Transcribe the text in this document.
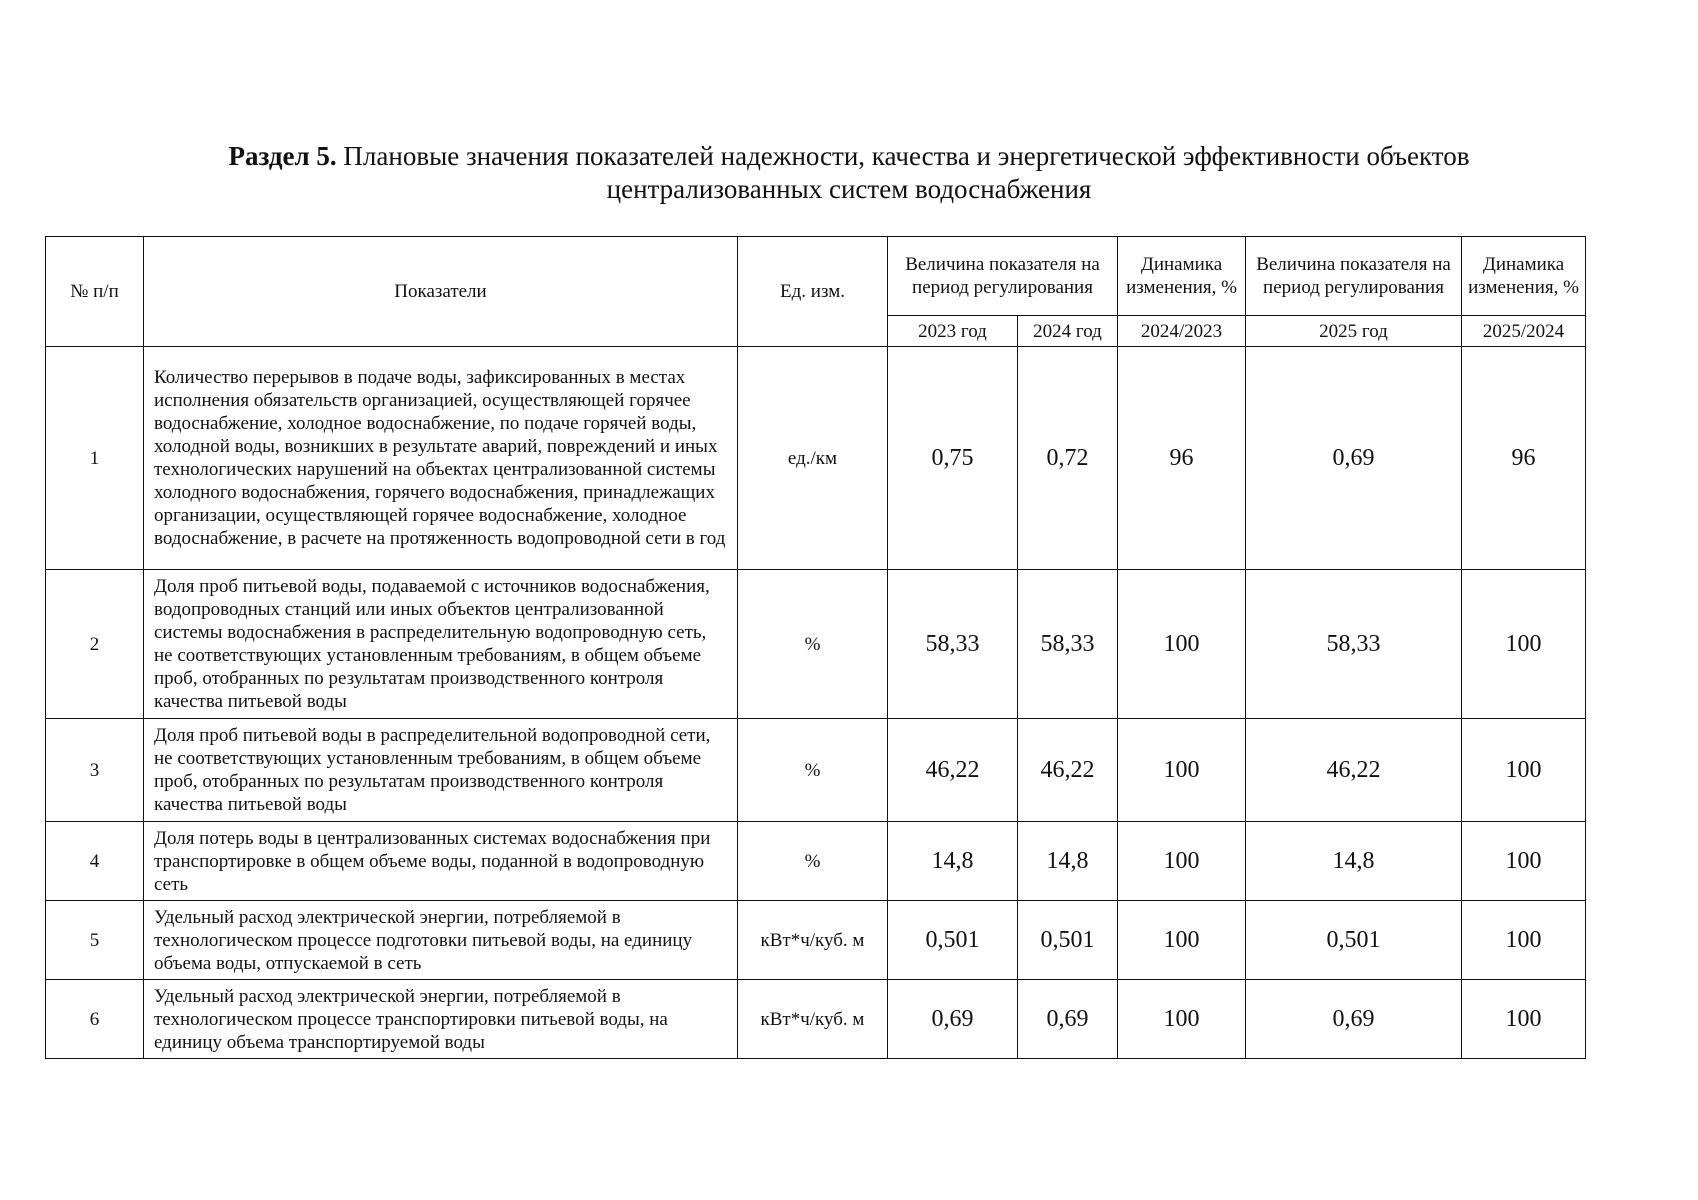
Раздел 5. Плановые значения показателей надежности, качества и энергетической эффективности объектов
централизованных систем водоснабжения
№ п/п	Показатели	Ед. изм.	Величина показателя на период регулирования		Динамика изменения, %	Величина показателя на период регулирования	Динамика изменения, %
			2023 год	2024 год	2024/2023	2025 год	2025/2024
1	Количество перерывов в подаче воды, зафиксированных в местах исполнения обязательств организацией, осуществляющей горячее водоснабжение, холодное водоснабжение, по подаче горячей воды, холодной воды, возникших в результате аварий, повреждений и иных технологических нарушений на объектах централизованной системы холодного водоснабжения, горячего водоснабжения, принадлежащих организации, осуществляющей горячее водоснабжение, холодное водоснабжение, в расчете на протяженность водопроводной сети в год	ед./км	0,75	0,72	96	0,69	96
2	Доля проб питьевой воды, подаваемой с источников водоснабжения, водопроводных станций или иных объектов централизованной системы водоснабжения в распределительную водопроводную сеть, не соответствующих установленным требованиям, в общем объеме проб, отобранных по результатам производственного контроля качества питьевой воды	%	58,33	58,33	100	58,33	100
3	Доля проб питьевой воды в распределительной водопроводной сети, не соответствующих установленным требованиям, в общем объеме проб, отобранных по результатам производственного контроля качества питьевой воды	%	46,22	46,22	100	46,22	100
4	Доля потерь воды в централизованных системах водоснабжения при транспортировке в общем объеме воды, поданной в водопроводную сеть	%	14,8	14,8	100	14,8	100
5	Удельный расход электрической энергии, потребляемой в технологическом процессе подготовки питьевой воды, на единицу объема воды, отпускаемой в сеть	кВт*ч/куб. м	0,501	0,501	100	0,501	100
6	Удельный расход электрической энергии, потребляемой в технологическом процессе транспортировки питьевой воды, на единицу объема транспортируемой воды	кВт*ч/куб. м	0,69	0,69	100	0,69	100
